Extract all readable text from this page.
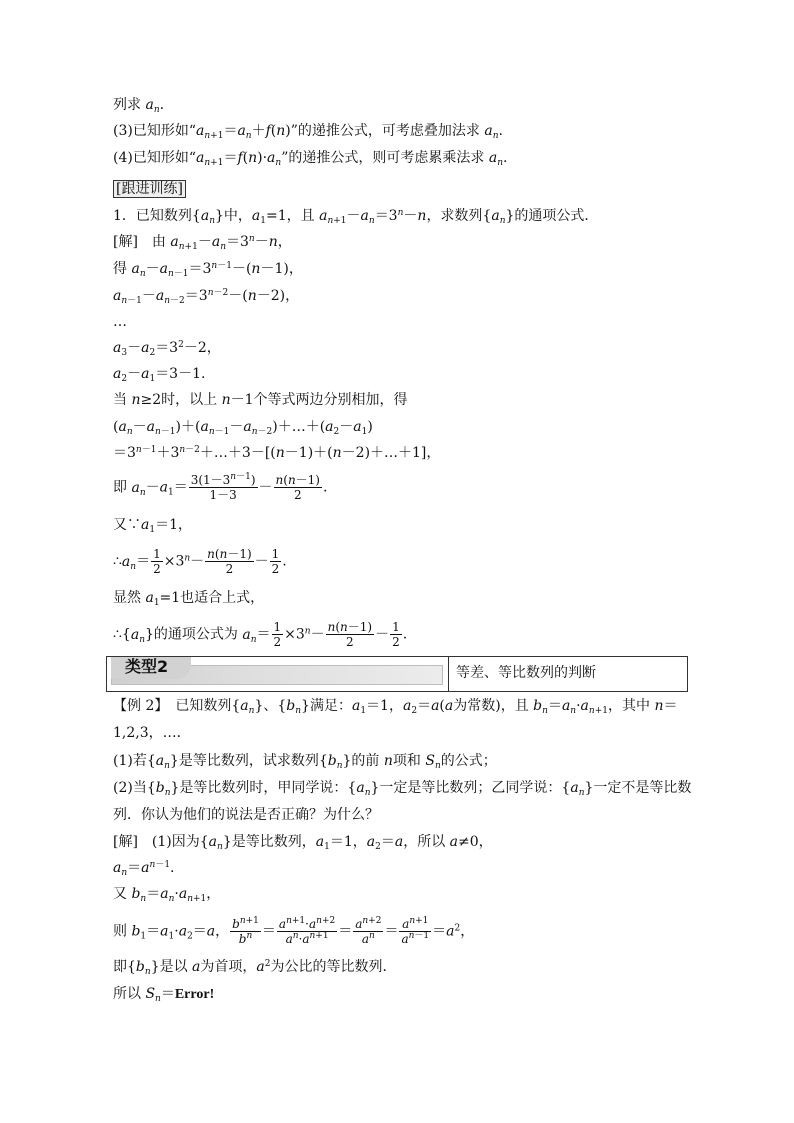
列求 $a_n$.
(3)已知形如“$a_{n+1}=a_n+f(n)$”的递推公式，可考虑叠加法求 $a_n$.
(4)已知形如“$a_{n+1}=f(n)\cdot a_n$”的递推公式，则可考虑累乘法求 $a_n$.
[跟进训练]
1．已知数列$\{a_n\}$中，$a_1=1$，且 $a_{n+1}-a_n=3^n-n$，求数列$\{a_n\}$的通项公式．
[解]　由 $a_{n+1}-a_n=3^n-n$，
得 $a_n-a_{n-1}=3^{n-1}-(n-1)$，
$a_{n-1}-a_{n-2}=3^{n-2}-(n-2)$，
…
$a_3-a_2=3^2-2$，
$a_2-a_1=3-1$.
当 n≥2时，以上 n－1个等式两边分别相加，得
$(a_n-a_{n-1})+(a_{n-1}-a_{n-2})+\dots+(a_2-a_1)$
$=3^{n-1}+3^{n-2}+\dots+3-[(n-1)+(n-2)+\dots+1]$，
即 $a_n-a_1= \frac{3(1-3^{n-1})}{1-3} - \frac{n(n-1)}{2}$ .
又$\because a_1=1$，
$\therefore a_n= \frac{1}{2} \times 3^n- \frac{n(n-1)}{2} - \frac{1}{2}$ .
显然 $a_1=1$也适合上式，
$\therefore\{a_n\}$的通项公式为 $a_n= \frac{1}{2} \times 3^n- \frac{n(n-1)}{2} - \frac{1}{2}$ .
类型2	等差、等比数列的判断
【例 2】　已知数列$\{a_n\}$、$\{b_n\}$满足：$a_1=1$，$a_2=a(a$为常数)，且 $b_n=a_n\cdot a_{n+1}$，其中 n＝
1,2,3，…．
(1)若$\{a_n\}$是等比数列，试求数列$\{b_n\}$的前 n项和 $S_n$的公式；
(2)当$\{b_n\}$是等比数列时，甲同学说：$\{a_n\}$一定是等比数列；乙同学说：$\{a_n\}$一定不是等比数
列．你认为他们的说法是否正确？为什么？
[解]　(1)因为$\{a_n\}$是等比数列，$a_1=1$，$a_2=a$，所以 a≠0，
$a_n=a^{n-1}$.
又 $b_n=a_n\cdot a_{n+1}$，
则 $b_1=a_1\cdot a_2=a$， $\frac{b^{n+1}}{b^n} = \frac{a^{n+1}\cdot a^{n+2}}{a^n\cdot a^{n+1}} = \frac{a^{n+2}}{a^n} = \frac{a^{n+1}}{a^{n-1}} =a^2$，
即$\{b_n\}$是以 a为首项，$a^2$为公比的等比数列．
所以 $S_n=Error$!
